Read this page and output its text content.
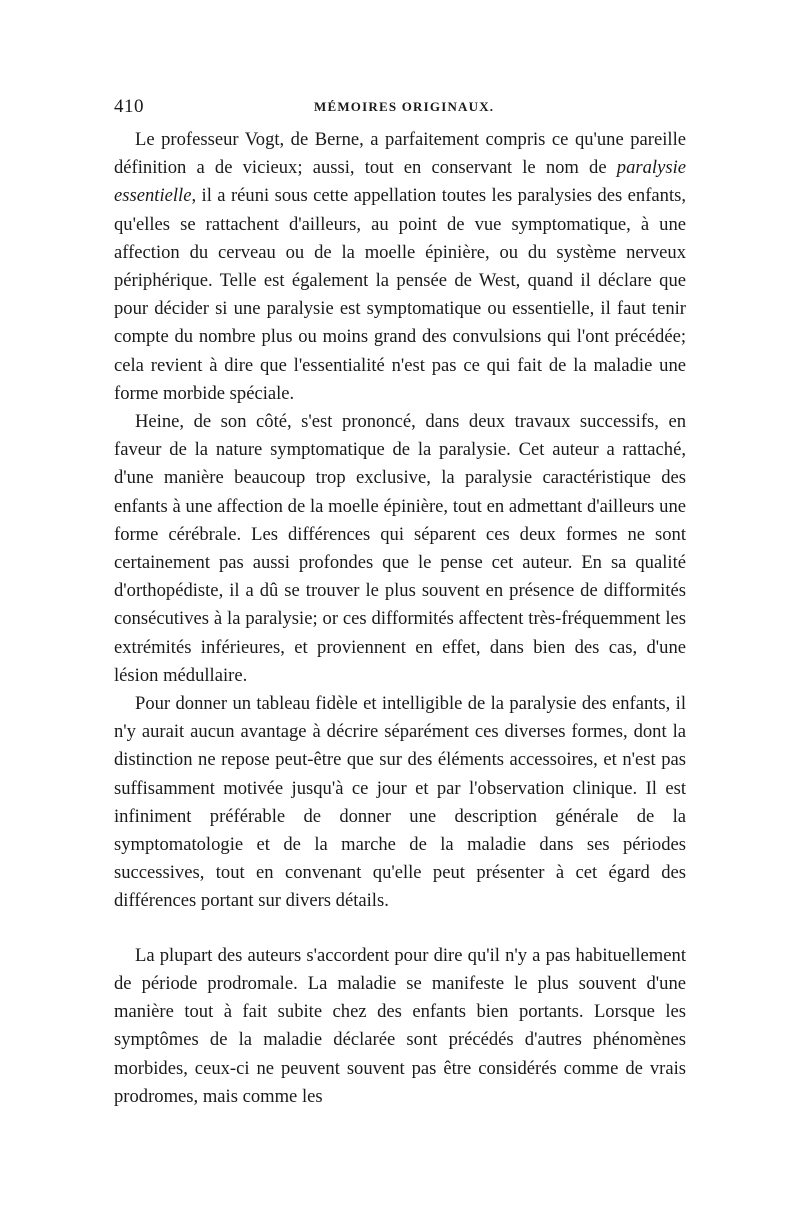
410	MÉMOIRES ORIGINAUX.

Le professeur Vogt, de Berne, a parfaitement compris ce qu'une pareille définition a de vicieux; aussi, tout en conservant le nom de paralysie essentielle, il a réuni sous cette appellation toutes les paralysies des enfants, qu'elles se rattachent d'ailleurs, au point de vue symptomatique, à une affection du cerveau ou de la moelle épinière, ou du système nerveux périphérique. Telle est également la pensée de West, quand il déclare que pour décider si une paralysie est symptomatique ou essentielle, il faut tenir compte du nombre plus ou moins grand des convulsions qui l'ont précédée; cela revient à dire que l'essentialité n'est pas ce qui fait de la maladie une forme morbide spéciale.

Heine, de son côté, s'est prononcé, dans deux travaux successifs, en faveur de la nature symptomatique de la paralysie. Cet auteur a rattaché, d'une manière beaucoup trop exclusive, la paralysie caractéristique des enfants à une affection de la moelle épinière, tout en admettant d'ailleurs une forme cérébrale. Les différences qui séparent ces deux formes ne sont certainement pas aussi profondes que le pense cet auteur. En sa qualité d'orthopédiste, il a dû se trouver le plus souvent en présence de difformités consécutives à la paralysie; or ces difformités affectent très-fréquemment les extrémités inférieures, et proviennent en effet, dans bien des cas, d'une lésion médullaire.

Pour donner un tableau fidèle et intelligible de la paralysie des enfants, il n'y aurait aucun avantage à décrire séparément ces diverses formes, dont la distinction ne repose peut-être que sur des éléments accessoires, et n'est pas suffisamment motivée jusqu'à ce jour et par l'observation clinique. Il est infiniment préférable de donner une description générale de la symptomatologie et de la marche de la maladie dans ses périodes successives, tout en convenant qu'elle peut présenter à cet égard des différences portant sur divers détails.

La plupart des auteurs s'accordent pour dire qu'il n'y a pas habituellement de période prodromale. La maladie se manifeste le plus souvent d'une manière tout à fait subite chez des enfants bien portants. Lorsque les symptômes de la maladie déclarée sont précédés d'autres phénomènes morbides, ceux-ci ne peuvent souvent pas être considérés comme de vrais prodromes, mais comme les
